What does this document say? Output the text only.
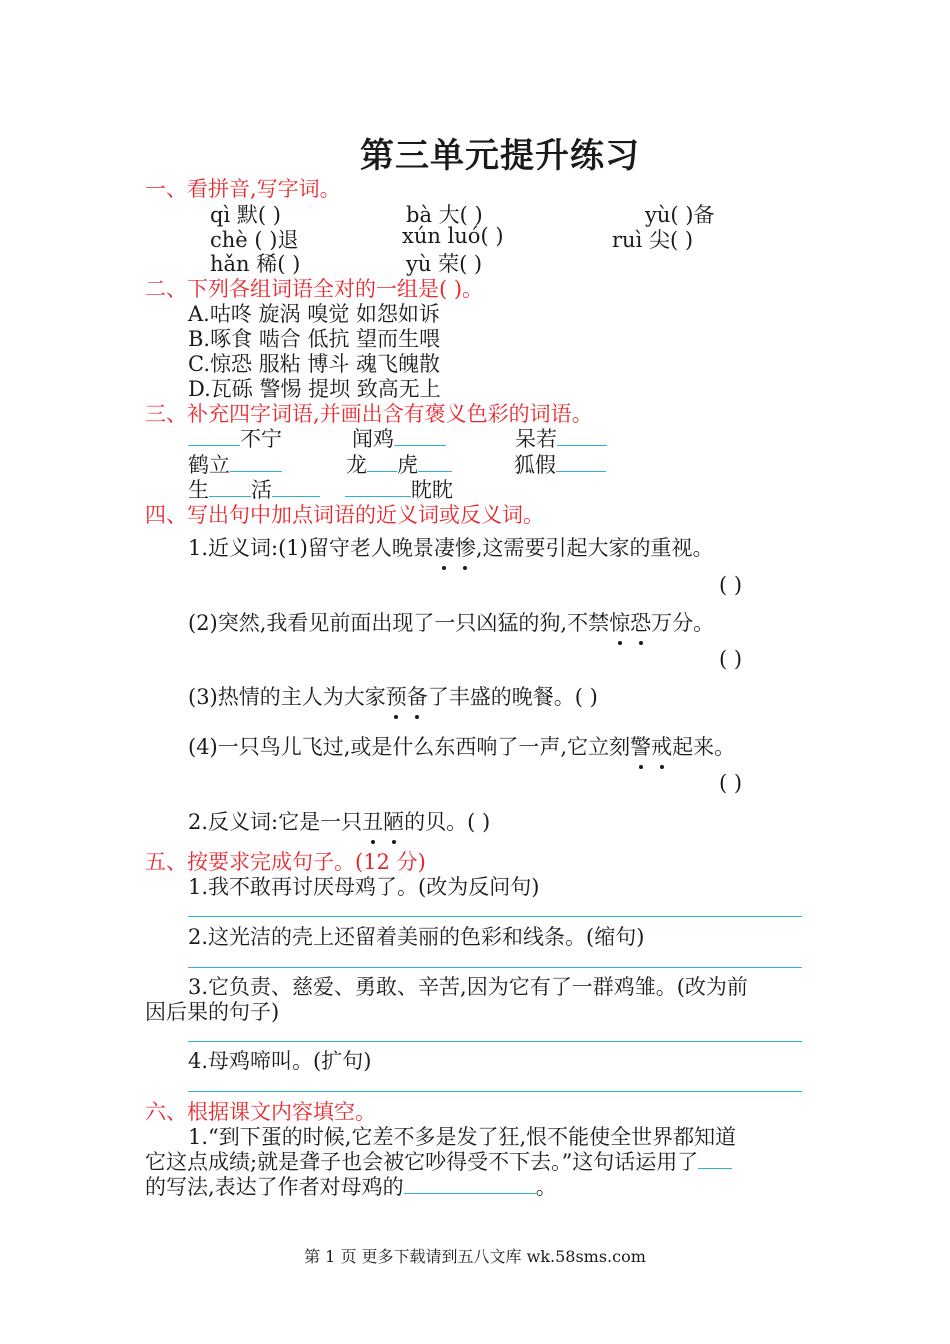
第三单元提升练习
一、看拼音,写字词。
qì 默( )	bà 大( )	yù( )备
chè ( )退	xún luó( )	ruì 尖( )
hǎn 稀( )	yù 荣( )
二、下列各组词语全对的一组是( )。
A.咕咚 旋涡 嗅觉 如怨如诉
B.啄食 啮合 低抗 望而生喂
C.惊恐 服粘 博斗 魂飞魄散
D.瓦砾 警惕 提坝 致高无上
三、补充四字词语,并画出含有褒义色彩的词语。
不宁	闻鸡	呆若
鹤立	龙 虎	狐假
生 活	眈眈
四、写出句中加点词语的近义词或反义词。
1.近义词:(1)留守老人晚景凄惨,这需要引起大家的重视。
( )
(2)突然,我看见前面出现了一只凶猛的狗,不禁惊恐万分。
( )
(3)热情的主人为大家预备了丰盛的晚餐。( )
(4)一只鸟儿飞过,或是什么东西响了一声,它立刻警戒起来。
( )
2.反义词:它是一只丑陋的贝。( )
五、按要求完成句子。(12 分)
1.我不敢再讨厌母鸡了。(改为反问句)
2.这光洁的壳上还留着美丽的色彩和线条。(缩句)
3.它负责、慈爱、勇敢、辛苦,因为它有了一群鸡雏。(改为前
因后果的句子)
4.母鸡啼叫。(扩句)
六、根据课文内容填空。
1.“到下蛋的时候,它差不多是发了狂,恨不能使全世界都知道
它这点成绩;就是聋子也会被它吵得受不下去。”这句话运用了
的写法,表达了作者对母鸡的	。
第 1 页 更多下载请到五八文库 wk.58sms.com
